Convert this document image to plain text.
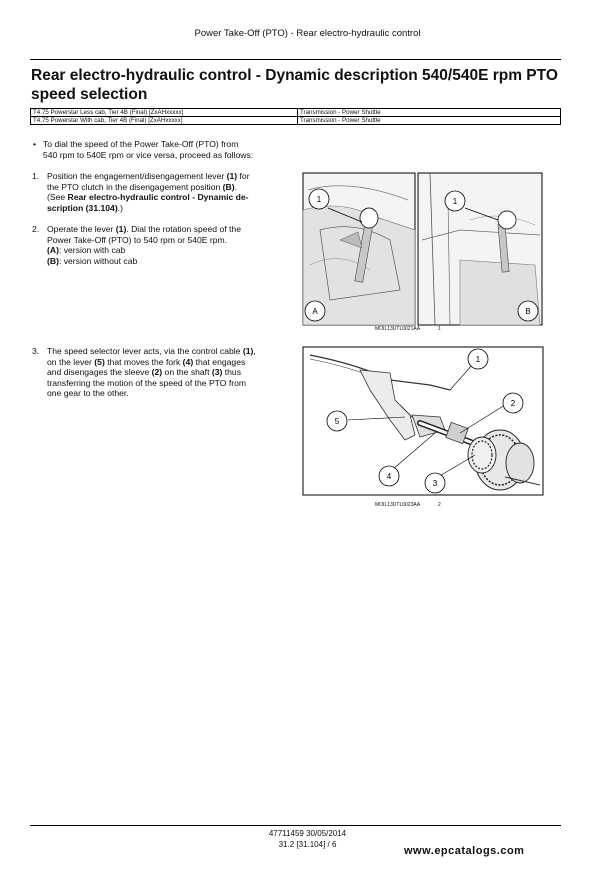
Power Take-Off (PTO) - Rear electro-hydraulic control
Rear electro-hydraulic control - Dynamic description 540/540E rpm PTO speed selection
T4.75 Powerstar Less cab, Tier 4B (Final) [ZxAHxxxxx]	Transmission - Power Shuttle
T4.75 Powerstar With cab, Tier 4B (Final) [ZxAHxxxxx]	Transmission - Power Shuttle
• To dial the speed of the Power Take-Off (PTO) from
540 rpm to 540E rpm or vice versa, proceed as follows:
1. Position the engagement/disengagement lever (1) for
the PTO clutch in the disengagement position (B).
(See Rear electro-hydraulic control - Dynamic de-
scription (31.104).)
2. Operate the lever (1). Dial the rotation speed of the
Power Take-Off (PTO) to 540 rpm or 540E rpm.
(A): version with cab
(B): version without cab
3. The speed selector lever acts, via the control cable (1),
on the lever (5) that moves the fork (4) that engages
and disengages the sleeve (2) on the shaft (3) thus
transferring the motion of the speed of the PTO from
one gear to the other.
1
A
1
B
MOIL13UTL0021AA	1
1
2
3
4
5
MOIL13UTL0023AA	2
47711459 30/05/2014
31.2 [31.104] / 6
www.epcatalogs.com
